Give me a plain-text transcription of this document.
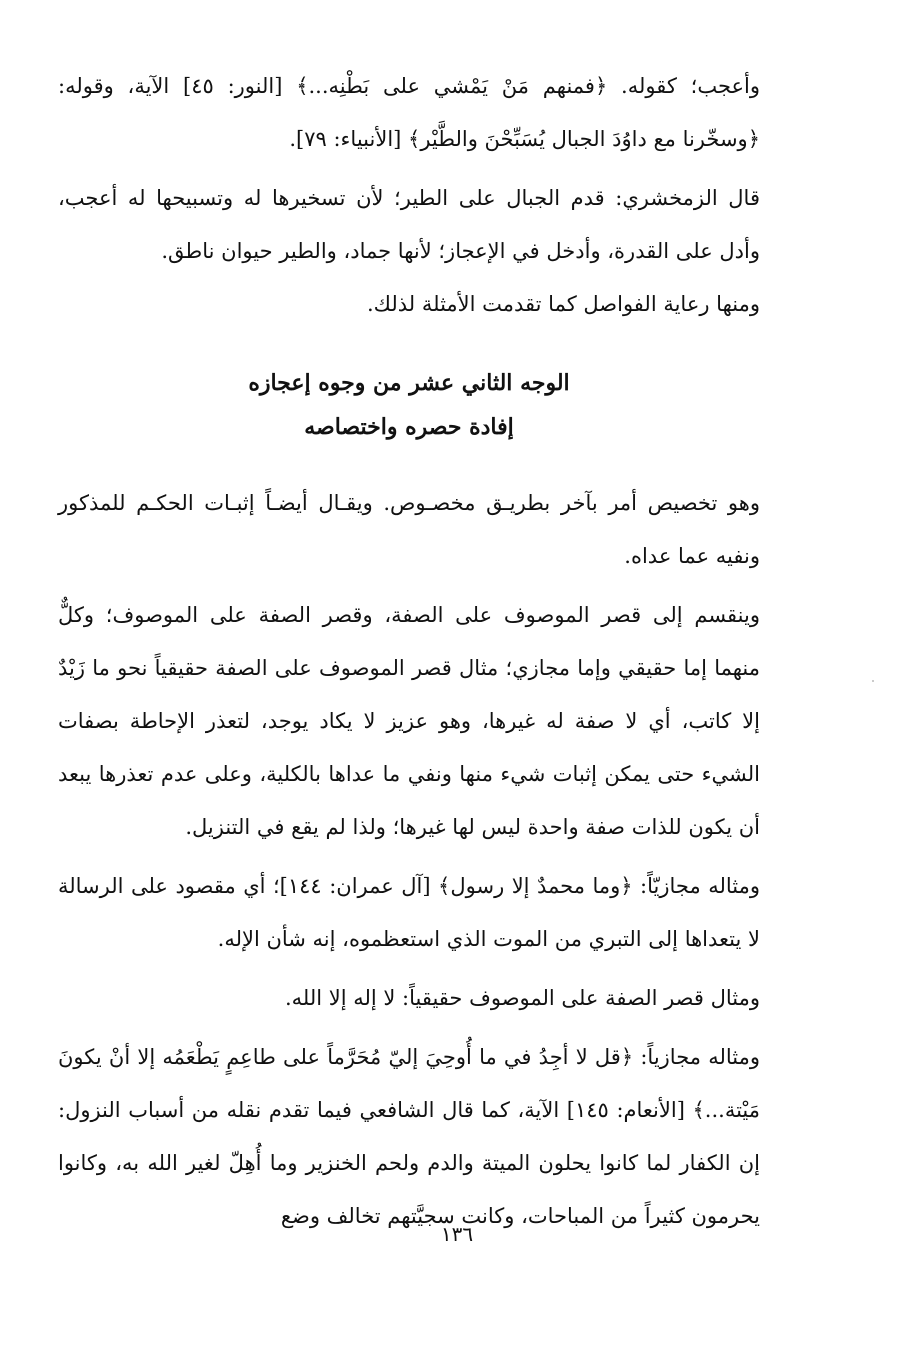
وأعجب؛ كقوله. ﴿فمنهم مَنْ يَمْشي على بَطْنِه...﴾ [النور: ٤٥] الآية، وقوله: ﴿وسخّرنا مع داوُدَ الجبال يُسَبِّحْنَ والطَّيْر﴾ [الأنبياء: ٧٩].

قال الزمخشري: قدم الجبال على الطير؛ لأن تسخيرها له وتسبيحها له أعجب، وأدل على القدرة، وأدخل في الإعجاز؛ لأنها جماد، والطير حيوان ناطق.

ومنها رعاية الفواصل كما تقدمت الأمثلة لذلك.

الوجه الثاني عشر من وجوه إعجازه
إفادة حصره واختصاصه

وهو تخصيص أمر بآخر بطريـق مخصـوص. ويقـال أيضـاً إثبـات الحكـم للمذكور ونفيه عما عداه.

وينقسم إلى قصر الموصوف على الصفة، وقصر الصفة على الموصوف؛ وكلٌّ منهما إما حقيقي وإما مجازي؛ مثال قصر الموصوف على الصفة حقيقياً نحو ما زَيْدٌ إلا كاتب، أي لا صفة له غيرها، وهو عزيز لا يكاد يوجد، لتعذر الإحاطة بصفات الشيء حتى يمكن إثبات شيء منها ونفي ما عداها بالكلية، وعلى عدم تعذرها يبعد أن يكون للذات صفة واحدة ليس لها غيرها؛ ولذا لم يقع في التنزيل.

ومثاله مجازيّاً: ﴿وما محمدٌ إلا رسول﴾ [آل عمران: ١٤٤]؛ أي مقصود على الرسالة لا يتعداها إلى التبري من الموت الذي استعظموه، إنه شأن الإله.

ومثال قصر الصفة على الموصوف حقيقياً: لا إله إلا الله.

ومثاله مجازياً: ﴿قل لا أجِدُ في ما أُوحِيَ إليّ مُحَرَّماً على طاعِمٍ يَطْعَمُه إلا أنْ يكونَ مَيْتة...﴾ [الأنعام: ١٤٥] الآية، كما قال الشافعي فيما تقدم نقله من أسباب النزول: إن الكفار لما كانوا يحلون الميتة والدم ولحم الخنزير وما أُهِلّ لغير الله به، وكانوا يحرمون كثيراً من المباحات، وكانت سجيَّتهم تخالف وضع

١٣٦
